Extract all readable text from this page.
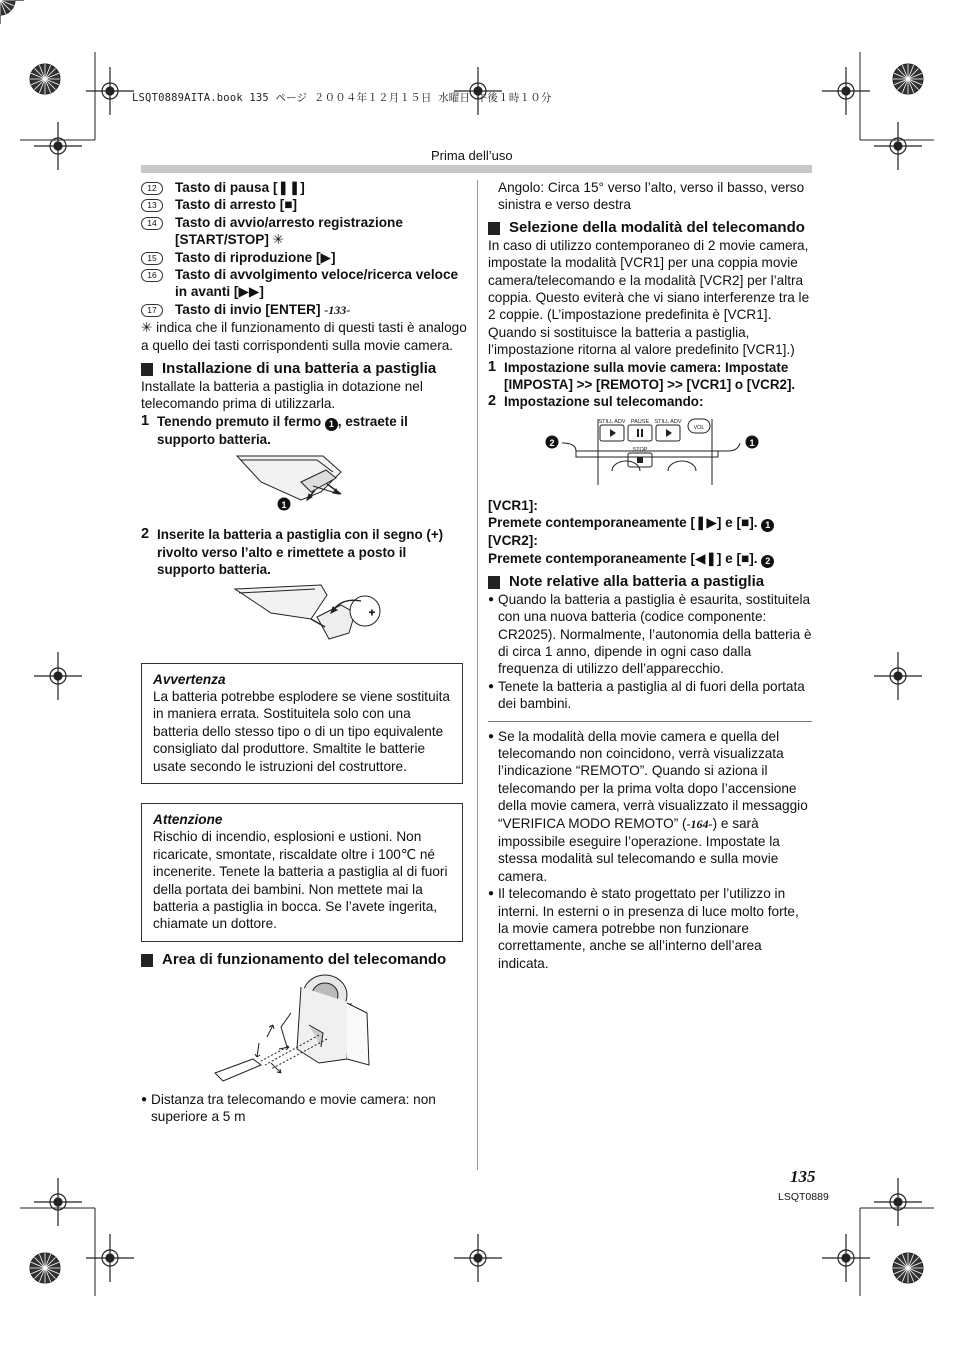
LSQT0889AITA.book 135 ページ ２００４年１２月１５日 水曜日 午後１時１０分
Prima dell’uso
12	Tasto di pausa [❚❚]
13	Tasto di arresto [■]
14	Tasto di avvio/arresto registrazione [START/STOP] ✳
15	Tasto di riproduzione [▶]
16	Tasto di avvolgimento veloce/ricerca veloce in avanti [▶▶]
17	Tasto di invio [ENTER] -133-

✳ indica che il funzionamento di questi tasti è analogo a quello dei tasti corrispondenti sulla movie camera.

Installazione di una batteria a pastiglia

Installate la batteria a pastiglia in dotazione nel telecomando prima di utilizzarla.

1 Tenendo premuto il fermo 1 , estraete il supporto batteria.
1
2 Inserite la batteria a pastiglia con il segno (+) rivolto verso l’alto e rimettete a posto il supporto batteria.
+

Avvertenza

La batteria potrebbe esplodere se viene sostituita in maniera errata. Sostituitela solo con una batteria dello stesso tipo o di un tipo equivalente consigliato dal produttore. Smaltite le batterie usate secondo le istruzioni del costruttore.

Attenzione

Rischio di incendio, esplosioni e ustioni. Non ricaricate, smontate, riscaldate oltre i 100℃ né incenerite. Tenete la batteria a pastiglia al di fuori della portata dei bambini. Non mettete mai la batteria a pastiglia in bocca. Se l’avete ingerita, chiamate un dottore.

Area di funzionamento del telecomando
● Distanza tra telecomando e movie camera: non superiore a 5 m

Angolo: Circa 15° verso l’alto, verso il basso, verso sinistra e verso destra

Selezione della modalità del telecomando

In caso di utilizzo contemporaneo di 2 movie camera, impostate la modalità [VCR1] per una coppia movie camera/telecomando e la modalità [VCR2] per l’altra coppia. Questo eviterà che vi siano interferenze tra le 2 coppie. (L’impostazione predefinita è [VCR1]. Quando si sostituisce la batteria a pastiglia, l’impostazione ritorna al valore predefinito [VCR1].)

1 Impostazione sulla movie camera: Impostate [IMPOSTA] >> [REMOTO] >> [VCR1] o [VCR2].
2 Impostazione sul telecomando:
STILL ADV PAUSE STILL ADV
VOL
STOP
2	1

[VCR1]:

Premete contemporaneamente [❚▶] e [■]. 1

[VCR2]:

Premete contemporaneamente [◀❚] e [■]. 2

Note relative alla batteria a pastiglia
● Quando la batteria a pastiglia è esaurita, sostituitela con una nuova batteria (codice componente: CR2025). Normalmente, l’autonomia della batteria è di circa 1 anno, dipende in ogni caso dalla frequenza di utilizzo dell’apparecchio.
● Tenete la batteria a pastiglia al di fuori della portata dei bambini.
● Se la modalità della movie camera e quella del telecomando non coincidono, verrà visualizzata l’indicazione “REMOTO”. Quando si aziona il telecomando per la prima volta dopo l’accensione della movie camera, verrà visualizzato il messaggio “VERIFICA MODO REMOTO” (-164-) e sarà impossibile eseguire l’operazione. Impostate la stessa modalità sul telecomando e sulla movie camera.
● Il telecomando è stato progettato per l’utilizzo in interni. In esterni o in presenza di luce molto forte, la movie camera potrebbe non funzionare correttamente, anche se all’interno dell’area indicata.
135
LSQT0889
